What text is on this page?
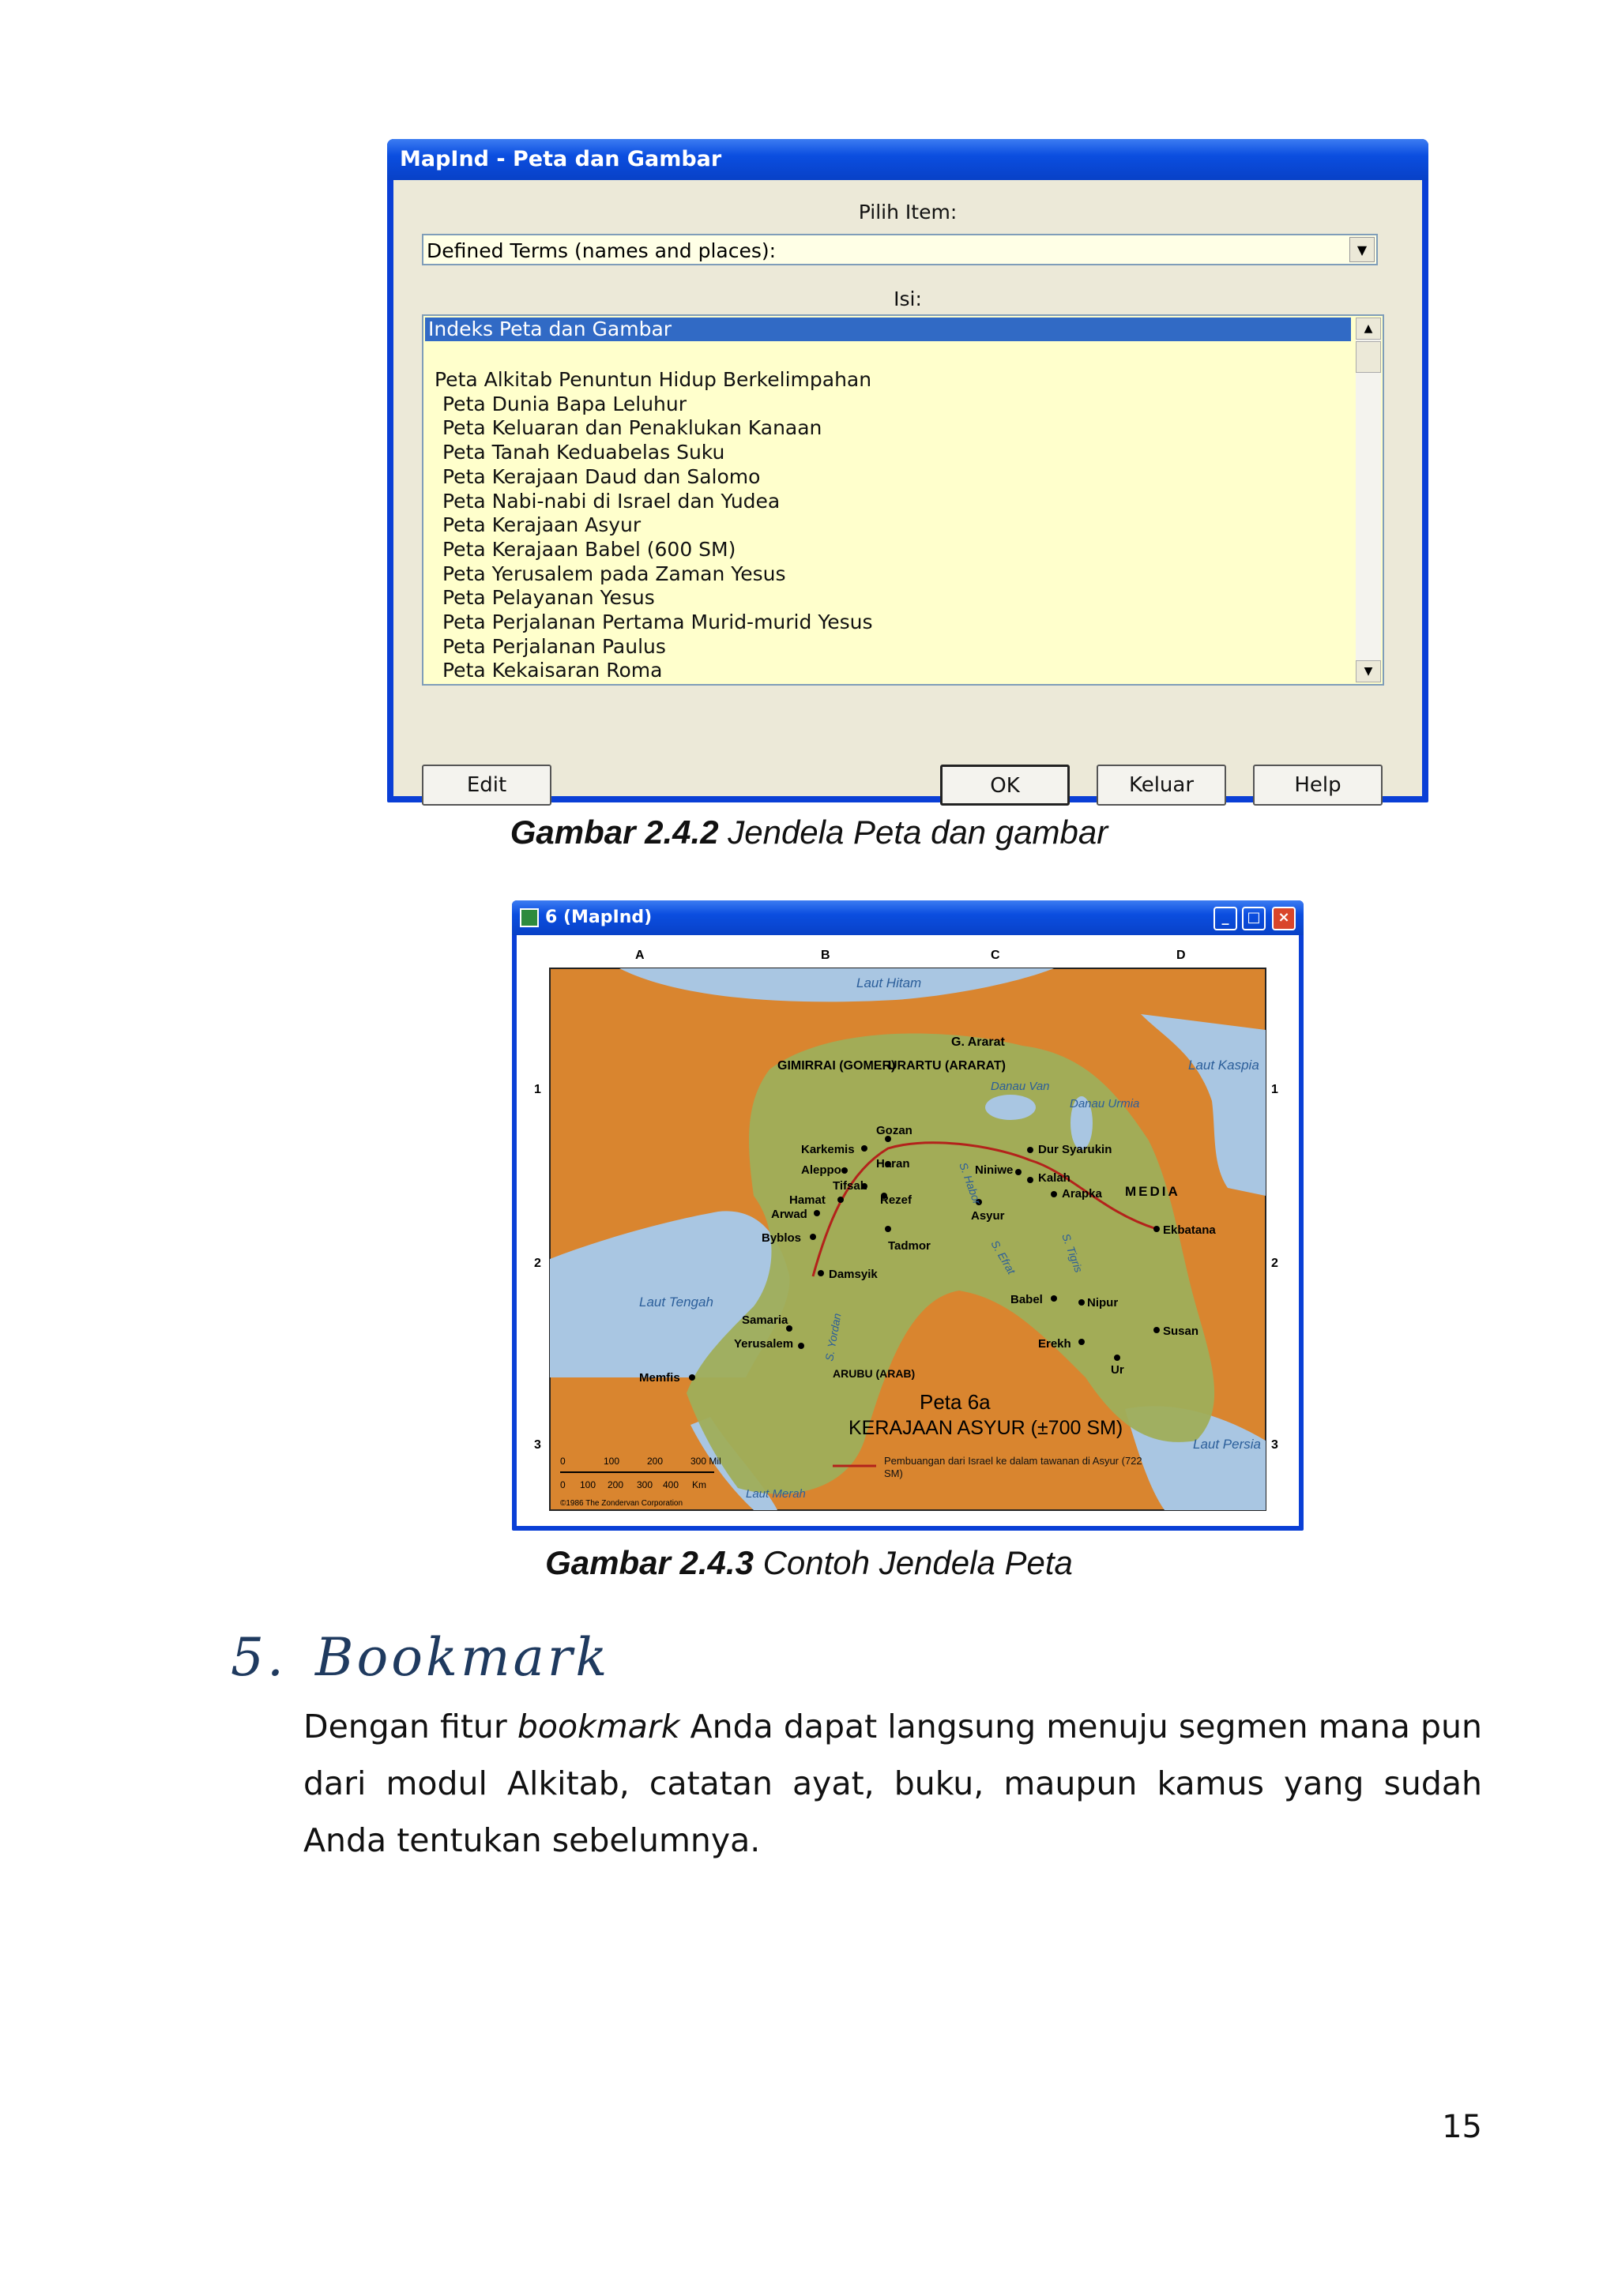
MapInd - Peta dan Gambar
Pilih Item:
Defined Terms (names and places):	▼
Isi:
Indeks Peta dan Gambar
Peta Alkitab Penuntun Hidup Berkelimpahan
Peta Dunia Bapa Leluhur
Peta Keluaran dan Penaklukan Kanaan
Peta Tanah Keduabelas Suku
Peta Kerajaan Daud dan Salomo
Peta Nabi-nabi di Israel dan Yudea
Peta Kerajaan Asyur
Peta Kerajaan Babel (600 SM)
Peta Yerusalem pada Zaman Yesus
Peta Pelayanan Yesus
Peta Perjalanan Pertama Murid-murid Yesus
Peta Perjalanan Paulus
Peta Kekaisaran Roma
▲
▼
Edit	OK	Keluar	Help
Gambar 2.4.2 Jendela Peta dan gambar
6 (MapInd)	_	□	×
A	B	C	D
1
2
3
1
2
3
Laut Hitam
Laut Kaspia
Laut Tengah
Laut Persia
Laut Merah
Danau Van
Danau Urmia
GIMIRRAI (GOMER)
URARTU (ARARAT)
G. Ararat
MEDIA
ARUBU (ARAB)
Karkemis
Gozan
Haran
Dur Syarukin
Aleppo
Tifsah
Niniwe
Kalah
Arapka
Hamat	Rezef
Arwad	Asyur
Ekbatana
Byblos
Tadmor
Damsyik
Babel	Nipur
Samaria
Yerusalem	Erekh
Susan
Memfis
Ur
S. Habor
S. Efrat	S. Tigris
S. Yordan
Peta 6a
KERAJAAN ASYUR (±700 SM)
0	100	200	300 Mil
0 100 200 300 400 Km
Pembuangan dari Israel ke dalam tawanan di Asyur (722 SM)
©1986 The Zondervan Corporation
Gambar 2.4.3 Contoh Jendela Peta
5. Bookmark
Dengan fitur bookmark Anda dapat langsung menuju segmen mana pun dari modul Alkitab, catatan ayat, buku, maupun kamus yang sudah Anda tentukan sebelumnya.
15
